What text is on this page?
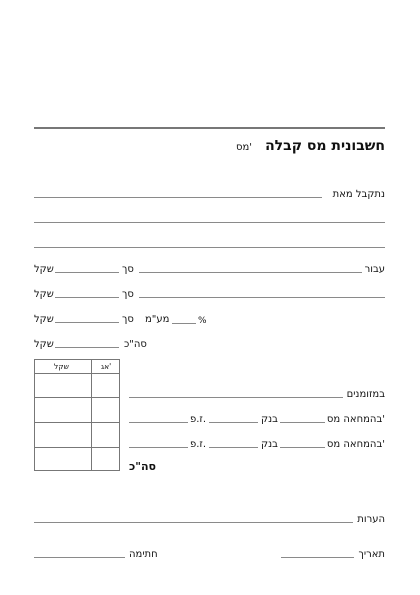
חשבונית מס קבלה
מס'
נתקבל מאת
עבור
סך
שקל
סך
שקל
%
מע"מ
סך
שקל
סה"כ
שקל
שקל	אג'
במזומנים
בהמחאה מס'
בנק
ז.פ.
בהמחאה מס'
בנק
ז.פ.
סה"כ
הערות
תאריך
חתימה
